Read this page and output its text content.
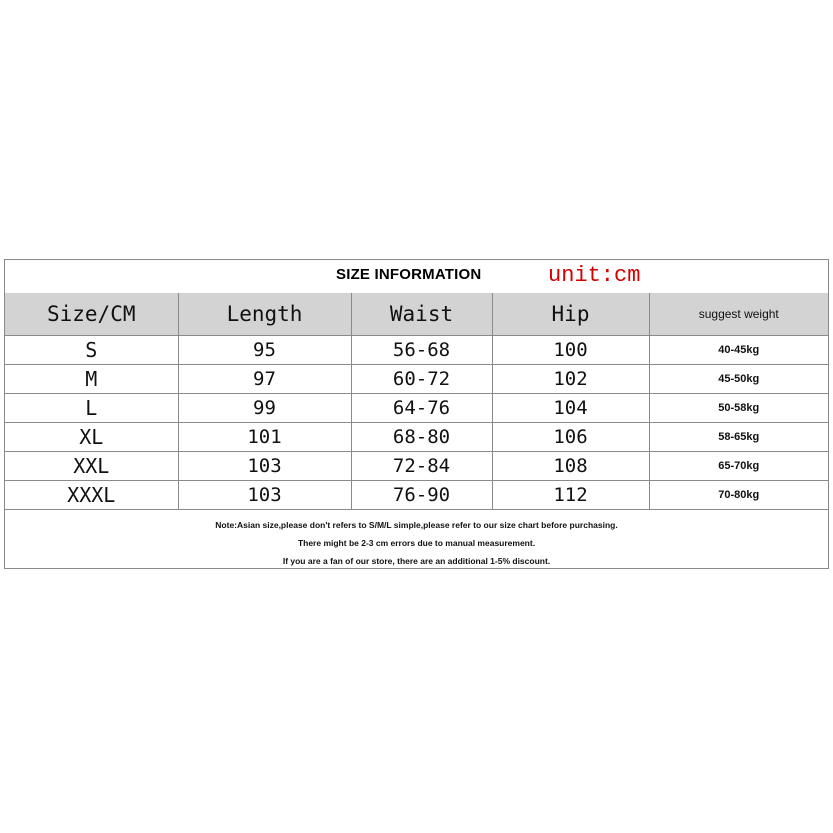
SIZE INFORMATION	unit:cm
Size/CM	Length	Waist	Hip	suggest weight
S	95	56-68	100	40-45kg
M	97	60-72	102	45-50kg
L	99	64-76	104	50-58kg
XL	101	68-80	106	58-65kg
XXL	103	72-84	108	65-70kg
XXXL	103	76-90	112	70-80kg
Note:Asian size,please don't refers to S/M/L simple,please refer to our size chart before purchasing.
There might be 2-3 cm errors due to manual measurement.
If you are a fan of our store, there are an additional 1-5% discount.
